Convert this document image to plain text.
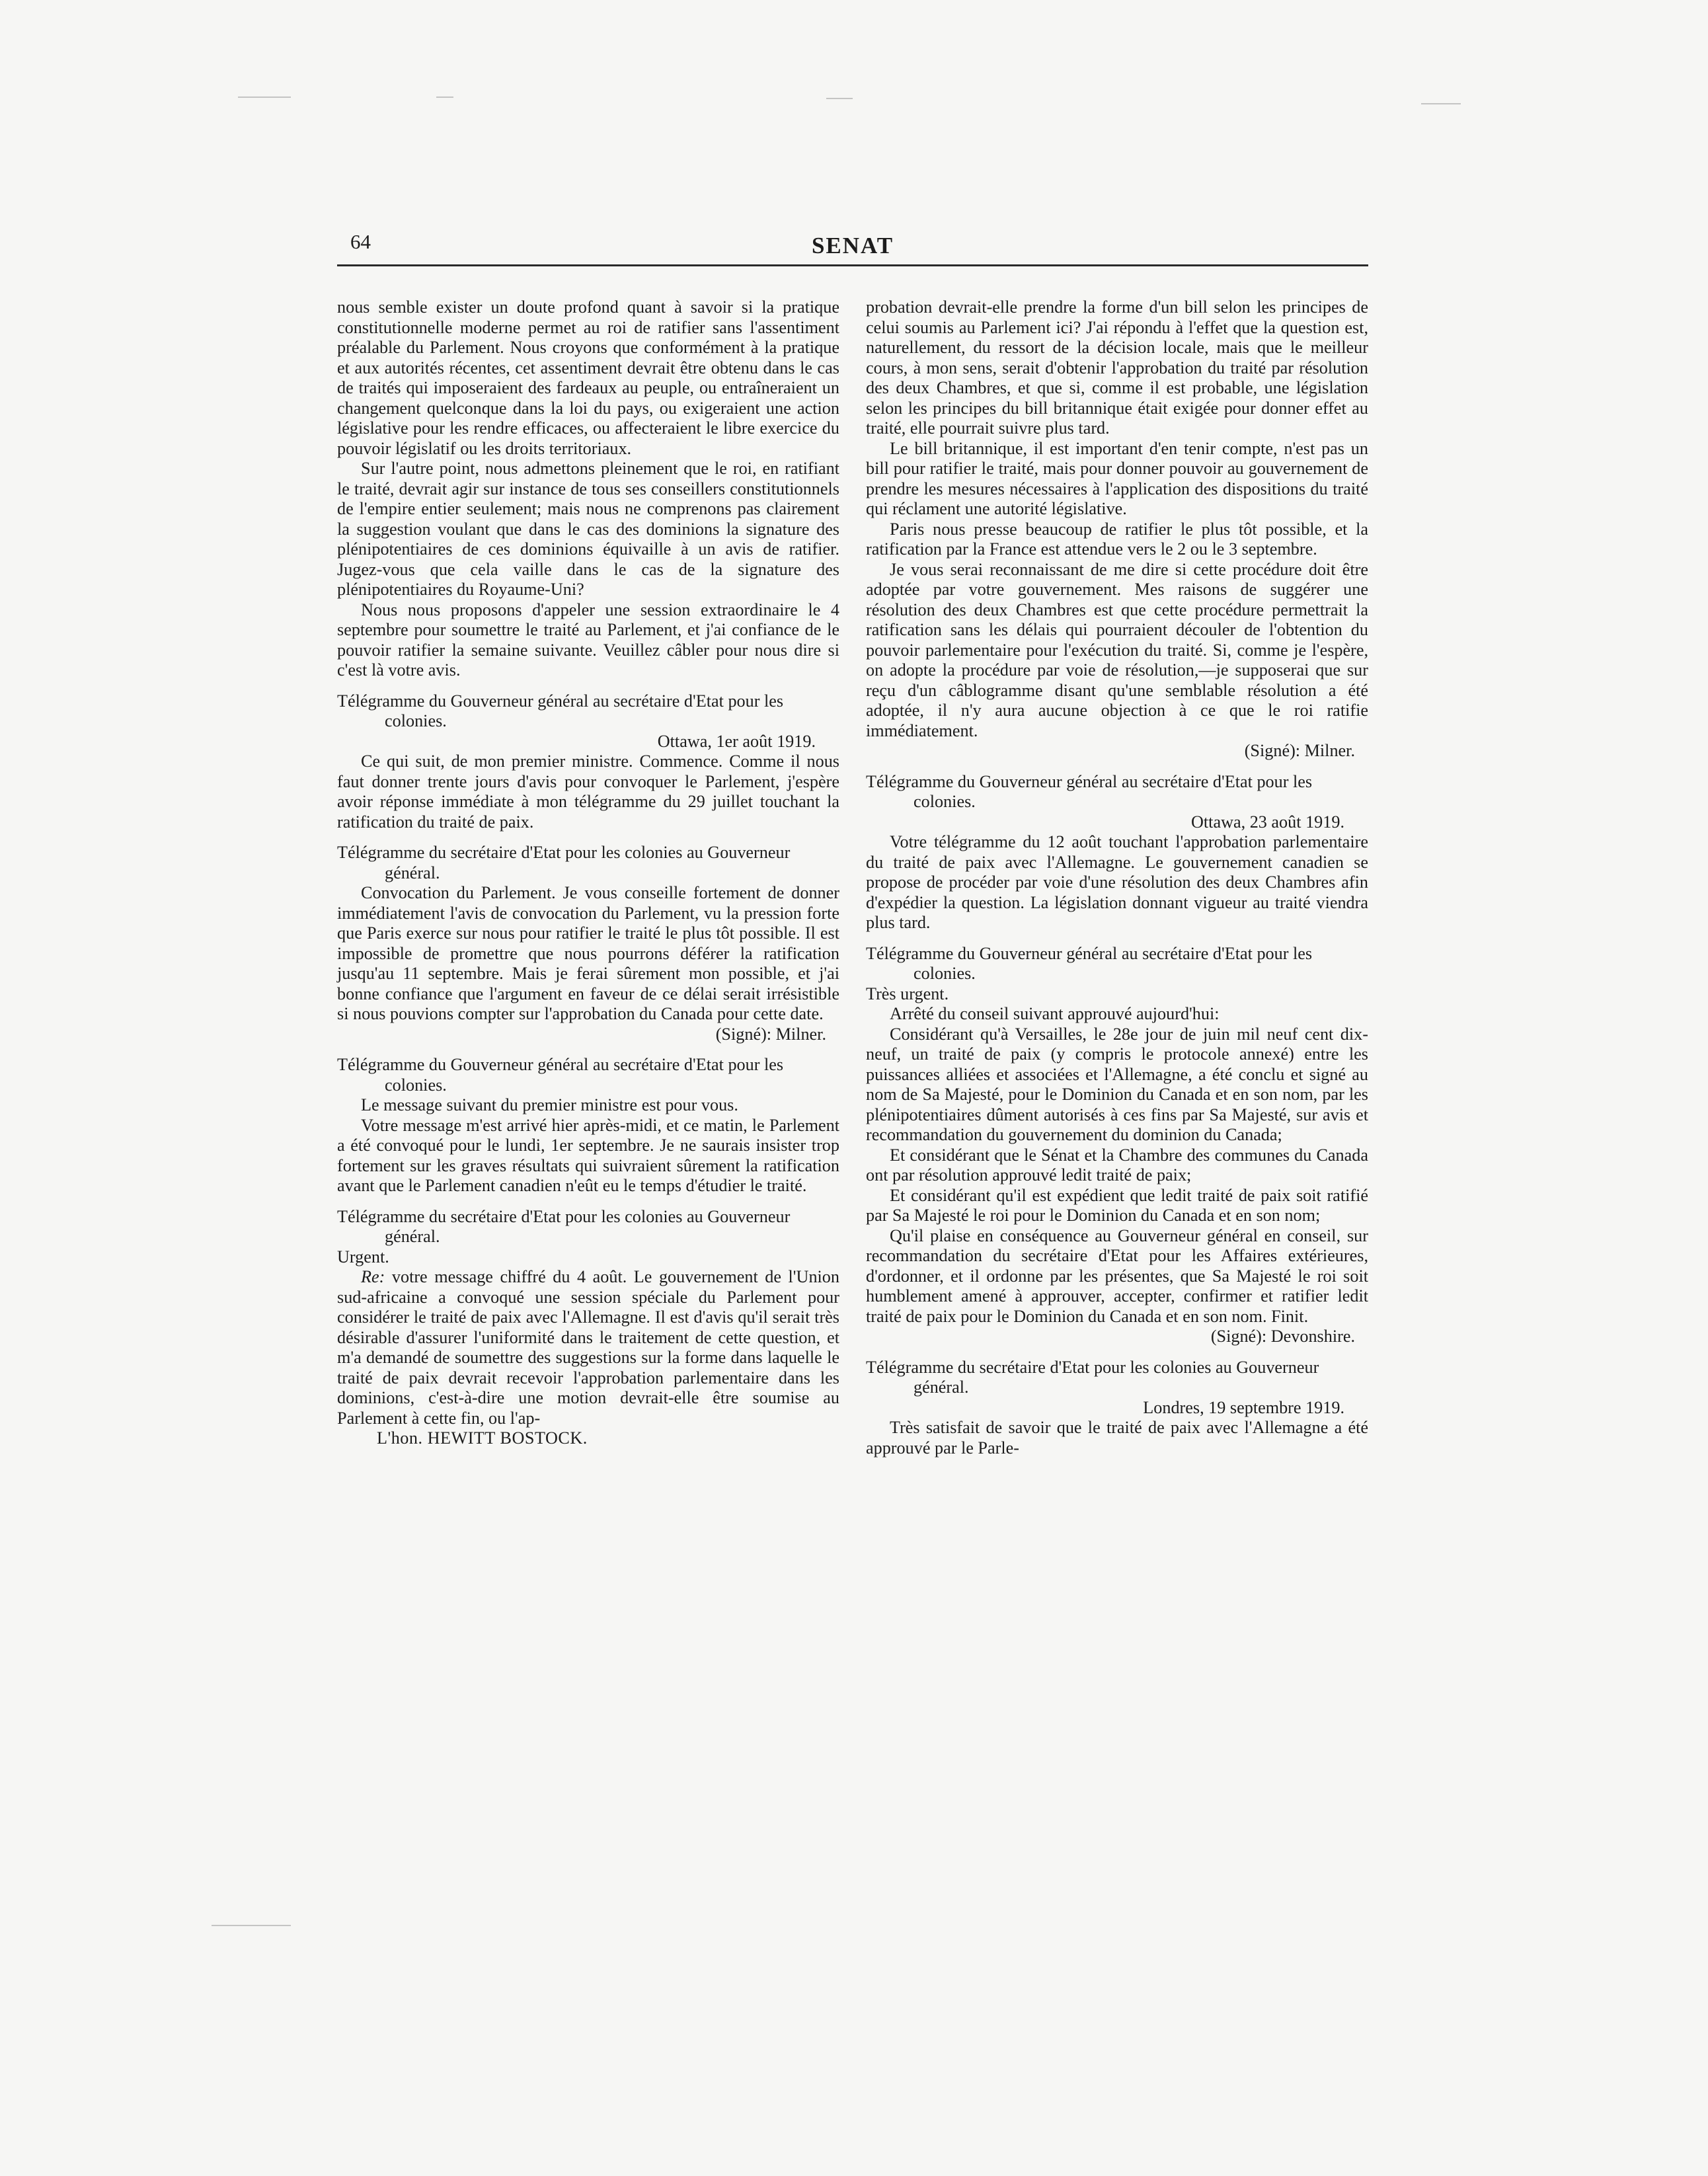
64	SENAT

nous semble exister un doute profond quant à savoir si la pratique constitutionnelle moderne permet au roi de ratifier sans l'assentiment préalable du Parlement. Nous croyons que conformément à la pratique et aux autorités récentes, cet assentiment devrait être obtenu dans le cas de traités qui imposeraient des fardeaux au peuple, ou entraîneraient un changement quelconque dans la loi du pays, ou exigeraient une action législative pour les rendre efficaces, ou affecteraient le libre exercice du pouvoir législatif ou les droits territoriaux.

Sur l'autre point, nous admettons pleinement que le roi, en ratifiant le traité, devrait agir sur instance de tous ses conseillers constitutionnels de l'empire entier seulement; mais nous ne comprenons pas clairement la suggestion voulant que dans le cas des dominions la signature des plénipotentiaires de ces dominions équivaille à un avis de ratifier. Jugez-vous que cela vaille dans le cas de la signature des plénipotentiaires du Royaume-Uni?

Nous nous proposons d'appeler une session extraordinaire le 4 septembre pour soumettre le traité au Parlement, et j'ai confiance de le pouvoir ratifier la semaine suivante. Veuillez câbler pour nous dire si c'est là votre avis.

Télégramme du Gouverneur général au secrétaire d'Etat pour les colonies.

Ottawa, 1er août 1919.

Ce qui suit, de mon premier ministre. Commence. Comme il nous faut donner trente jours d'avis pour convoquer le Parlement, j'espère avoir réponse immédiate à mon télégramme du 29 juillet touchant la ratification du traité de paix.

Télégramme du secrétaire d'Etat pour les colonies au Gouverneur général.

Convocation du Parlement. Je vous conseille fortement de donner immédiatement l'avis de convocation du Parlement, vu la pression forte que Paris exerce sur nous pour ratifier le traité le plus tôt possible. Il est impossible de promettre que nous pourrons déférer la ratification jusqu'au 11 septembre. Mais je ferai sûrement mon possible, et j'ai bonne confiance que l'argument en faveur de ce délai serait irrésistible si nous pouvions compter sur l'approbation du Canada pour cette date.

(Signé): Milner.

Télégramme du Gouverneur général au secrétaire d'Etat pour les colonies.

Le message suivant du premier ministre est pour vous.

Votre message m'est arrivé hier après-midi, et ce matin, le Parlement a été convoqué pour le lundi, 1er septembre. Je ne saurais insister trop fortement sur les graves résultats qui suivraient sûrement la ratification avant que le Parlement canadien n'eût eu le temps d'étudier le traité.

Télégramme du secrétaire d'Etat pour les colonies au Gouverneur général.

Urgent.

Re: votre message chiffré du 4 août. Le gouvernement de l'Union sud-africaine a convoqué une session spéciale du Parlement pour considérer le traité de paix avec l'Allemagne. Il est d'avis qu'il serait très désirable d'assurer l'uniformité dans le traitement de cette question, et m'a demandé de soumettre des suggestions sur la forme dans laquelle le traité de paix devrait recevoir l'approbation parlementaire dans les dominions, c'est-à-dire une motion devrait-elle être soumise au Parlement à cette fin, ou l'ap-

L'hon. HEWITT BOSTOCK.

probation devrait-elle prendre la forme d'un bill selon les principes de celui soumis au Parlement ici? J'ai répondu à l'effet que la question est, naturellement, du ressort de la décision locale, mais que le meilleur cours, à mon sens, serait d'obtenir l'approbation du traité par résolution des deux Chambres, et que si, comme il est probable, une législation selon les principes du bill britannique était exigée pour donner effet au traité, elle pourrait suivre plus tard.

Le bill britannique, il est important d'en tenir compte, n'est pas un bill pour ratifier le traité, mais pour donner pouvoir au gouvernement de prendre les mesures nécessaires à l'application des dispositions du traité qui réclament une autorité législative.

Paris nous presse beaucoup de ratifier le plus tôt possible, et la ratification par la France est attendue vers le 2 ou le 3 septembre.

Je vous serai reconnaissant de me dire si cette procédure doit être adoptée par votre gouvernement. Mes raisons de suggérer une résolution des deux Chambres est que cette procédure permettrait la ratification sans les délais qui pourraient découler de l'obtention du pouvoir parlementaire pour l'exécution du traité. Si, comme je l'espère, on adopte la procédure par voie de résolution,—je supposerai que sur reçu d'un câblogramme disant qu'une semblable résolution a été adoptée, il n'y aura aucune objection à ce que le roi ratifie immédiatement.

(Signé): Milner.

Télégramme du Gouverneur général au secrétaire d'Etat pour les colonies.

Ottawa, 23 août 1919.

Votre télégramme du 12 août touchant l'approbation parlementaire du traité de paix avec l'Allemagne. Le gouvernement canadien se propose de procéder par voie d'une résolution des deux Chambres afin d'expédier la question. La législation donnant vigueur au traité viendra plus tard.

Télégramme du Gouverneur général au secrétaire d'Etat pour les colonies.

Très urgent.

Arrêté du conseil suivant approuvé aujourd'hui:

Considérant qu'à Versailles, le 28e jour de juin mil neuf cent dix-neuf, un traité de paix (y compris le protocole annexé) entre les puissances alliées et associées et l'Allemagne, a été conclu et signé au nom de Sa Majesté, pour le Dominion du Canada et en son nom, par les plénipotentiaires dûment autorisés à ces fins par Sa Majesté, sur avis et recommandation du gouvernement du dominion du Canada;

Et considérant que le Sénat et la Chambre des communes du Canada ont par résolution approuvé ledit traité de paix;

Et considérant qu'il est expédient que ledit traité de paix soit ratifié par Sa Majesté le roi pour le Dominion du Canada et en son nom;

Qu'il plaise en conséquence au Gouverneur général en conseil, sur recommandation du secrétaire d'Etat pour les Affaires extérieures, d'ordonner, et il ordonne par les présentes, que Sa Majesté le roi soit humblement amené à approuver, accepter, confirmer et ratifier ledit traité de paix pour le Dominion du Canada et en son nom. Finit.

(Signé): Devonshire.

Télégramme du secrétaire d'Etat pour les colonies au Gouverneur général.

Londres, 19 septembre 1919.

Très satisfait de savoir que le traité de paix avec l'Allemagne a été approuvé par le Parle-
